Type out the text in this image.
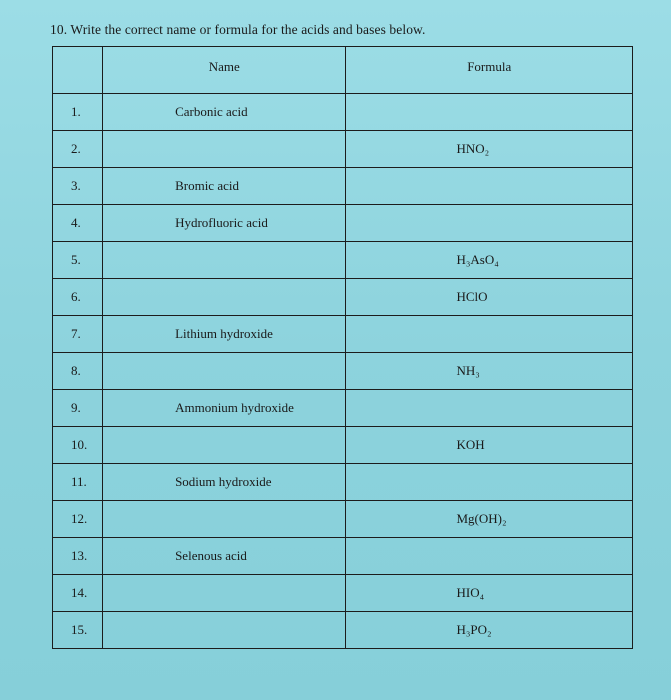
10. Write the correct name or formula for the acids and bases below.
	Name	Formula
1.	Carbonic acid	

2.		HNO₂

3.	Bromic acid	

4.	Hydrofluoric acid	

5.		H₃AsO₄

6.		HClO

7.	Lithium hydroxide	

8.		NH₃

9.	Ammonium hydroxide	

10.		KOH

11.	Sodium hydroxide	

12.		Mg(OH)₂

13.	Selenous acid	

14.		HIO₄

15.		H₃PO₂
